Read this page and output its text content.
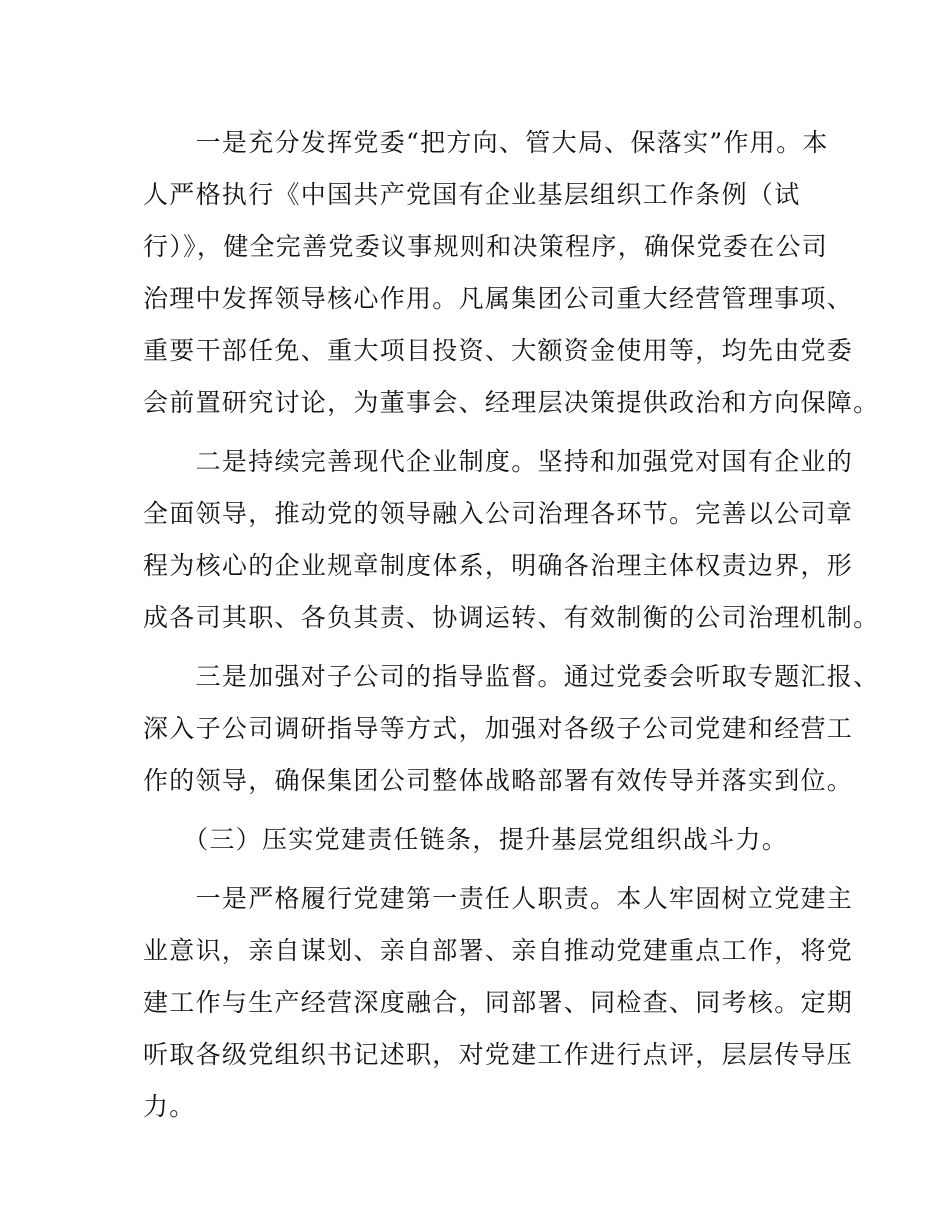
　　一是充分发挥党委“把方向、管大局、保落实”作用。本
人严格执行《中国共产党国有企业基层组织工作条例（试
行）》，健全完善党委议事规则和决策程序，确保党委在公司
治理中发挥领导核心作用。凡属集团公司重大经营管理事项、
重要干部任免、重大项目投资、大额资金使用等，均先由党委
会前置研究讨论，为董事会、经理层决策提供政治和方向保障。
　　二是持续完善现代企业制度。坚持和加强党对国有企业的
全面领导，推动党的领导融入公司治理各环节。完善以公司章
程为核心的企业规章制度体系，明确各治理主体权责边界，形
成各司其职、各负其责、协调运转、有效制衡的公司治理机制。
　　三是加强对子公司的指导监督。通过党委会听取专题汇报、
深入子公司调研指导等方式，加强对各级子公司党建和经营工
作的领导，确保集团公司整体战略部署有效传导并落实到位。
　　（三）压实党建责任链条，提升基层党组织战斗力。
　　一是严格履行党建第一责任人职责。本人牢固树立党建主
业意识，亲自谋划、亲自部署、亲自推动党建重点工作，将党
建工作与生产经营深度融合，同部署、同检查、同考核。定期
听取各级党组织书记述职，对党建工作进行点评，层层传导压
力。
